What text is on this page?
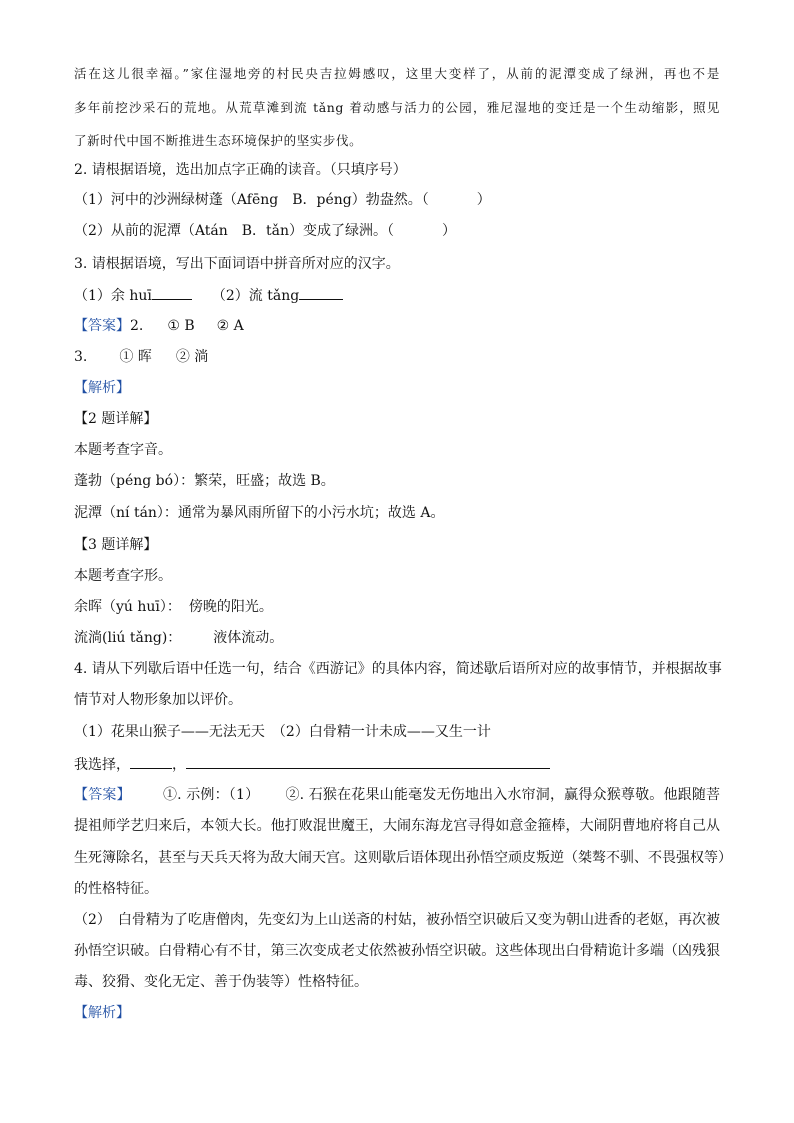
活在这儿很幸福。”家住湿地旁的村民央吉拉姆感叹，这里大变样了，从前的泥潭变成了绿洲，再也不是
多年前挖沙采石的荒地。从荒草滩到流 tǎng 着动感与活力的公园，雅尼湿地的变迁是一个生动缩影，照见
了新时代中国不断推进生态环境保护的坚实步伐。
2. 请根据语境，选出加点字正确的读音。（只填序号）
（1）河中的沙洲绿树蓬（Afēng　B．péng）勃盎然。（	）
（2）从前的泥潭（Atán　B．tǎn）变成了绿洲。（	）
3. 请根据语境，写出下面词语中拼音所对应的汉字。
（1）余 huī	（2）流 tǎng
【答案】2. ① B ② A
3. ① 晖 ② 淌
【解析】
【2 题详解】
本题考查字音。
蓬勃（péng bó）：繁荣，旺盛；故选 B。
泥潭（ní tán）：通常为暴风雨所留下的小污水坑；故选 A。
【3 题详解】
本题考查字形。
余晖（yú huī）： 傍晚的阳光。
流淌(liú tǎng)： 液体流动。
4. 请从下列歇后语中任选一句，结合《西游记》的具体内容，简述歇后语所对应的故事情节，并根据故事
情节对人物形象加以评价。
（1）花果山猴子——无法无天　（2）白骨精一计未成——又生一计
我选择，	，
【答案】 ①. 示例：（1） ②. 石猴在花果山能毫发无伤地出入水帘洞，赢得众猴尊敬。他跟随菩
提祖师学艺归来后，本领大长。他打败混世魔王，大闹东海龙宫寻得如意金箍棒，大闹阴曹地府将自己从
生死簿除名，甚至与天兵天将为敌大闹天宫。这则歇后语体现出孙悟空顽皮叛逆（桀骜不驯、不畏强权等）
的性格特征。
（2）　白骨精为了吃唐僧肉，先变幻为上山送斋的村姑，被孙悟空识破后又变为朝山进香的老妪，再次被
孙悟空识破。白骨精心有不甘，第三次变成老丈依然被孙悟空识破。这些体现出白骨精诡计多端（凶残狠
毒、狡猾、变化无定、善于伪装等）性格特征。
【解析】
